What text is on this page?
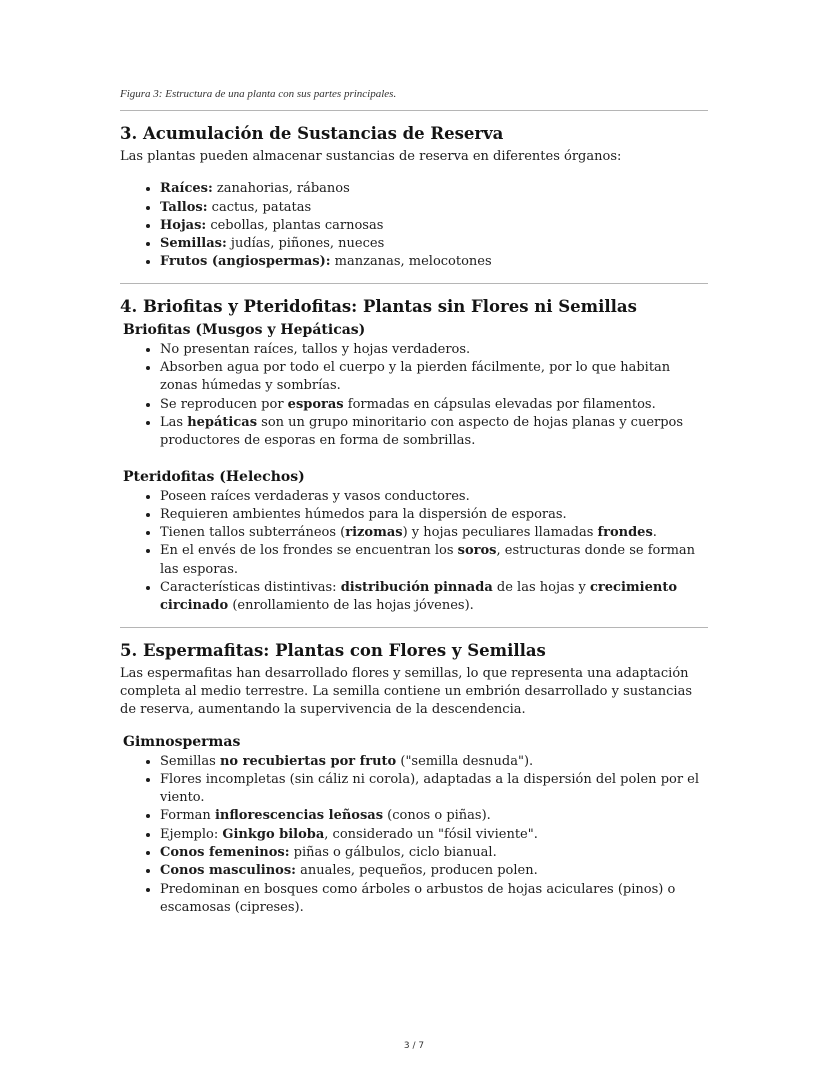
Figura 3: Estructura de una planta con sus partes principales.
3. Acumulación de Sustancias de Reserva

Las plantas pueden almacenar sustancias de reserva en diferentes órganos:

• Raíces: zanahorias, rábanos
• Tallos: cactus, patatas
• Hojas: cebollas, plantas carnosas
• Semillas: judías, piñones, nueces
• Frutos (angiospermas): manzanas, melocotones
4. Briofitas y Pteridofitas: Plantas sin Flores ni Semillas
Briofitas (Musgos y Hepáticas)
• No presentan raíces, tallos y hojas verdaderos.
• Absorben agua por todo el cuerpo y la pierden fácilmente, por lo que habitan zonas húmedas y sombrías.
• Se reproducen por esporas formadas en cápsulas elevadas por filamentos.
• Las hepáticas son un grupo minoritario con aspecto de hojas planas y cuerpos productores de esporas en forma de sombrillas.
Pteridofitas (Helechos)
• Poseen raíces verdaderas y vasos conductores.
• Requieren ambientes húmedos para la dispersión de esporas.
• Tienen tallos subterráneos (rizomas) y hojas peculiares llamadas frondes.
• En el envés de los frondes se encuentran los soros, estructuras donde se forman las esporas.
• Características distintivas: distribución pinnada de las hojas y crecimiento circinado (enrollamiento de las hojas jóvenes).
5. Espermafitas: Plantas con Flores y Semillas

Las espermafitas han desarrollado flores y semillas, lo que representa una adaptación completa al medio terrestre. La semilla contiene un embrión desarrollado y sustancias de reserva, aumentando la supervivencia de la descendencia.

Gimnospermas
• Semillas no recubiertas por fruto ("semilla desnuda").
• Flores incompletas (sin cáliz ni corola), adaptadas a la dispersión del polen por el viento.
• Forman inflorescencias leñosas (conos o piñas).
• Ejemplo: Ginkgo biloba, considerado un "fósil viviente".
• Conos femeninos: piñas o gálbulos, ciclo bianual.
• Conos masculinos: anuales, pequeños, producen polen.
• Predominan en bosques como árboles o arbustos de hojas aciculares (pinos) o escamosas (cipreses).
3 / 7
